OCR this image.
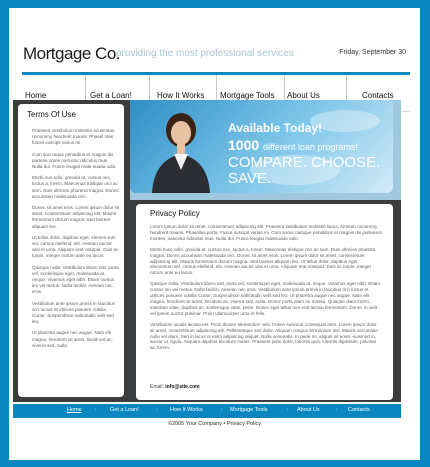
Mortgage Co.
providing the most professional services	Friday, September 30
Home	Get a Loan!	How It Works	Mortgage Tools	About Us	Contacts
Terms Of Use

Praesent vestibulum molestie acusmean nonummy hendrerit mauris. Phasel ntas fuscel suscipit varius mi.

Cum soci toque penatibus et magnis dis parturie ontes nascetur ridiculus mus. Nulla dui. Fusce feugiat male-suada odio.

Morbi nun odio, gravida at, cursus nec, luctus a, lorem. Maecenas tristique orci ac sem. Duis ultricies pharetra magna. Donec accumsan malesuada orci.

Donec sit amet eros. Lorem ipsum dolor sit amet, consectetuer adipiscing elit. Mauris fermentum dictum magna. Sed laoreet aliquam leo.

Ut tellus dolor, dapibus eget, elemen-tum vel, cursus eleifend, elit. Aenean auctor wisi et urna. Aliquam erat volutpat. Duis ac turpis. Integer rutrum ante eu lacus.

Quisque nulla. Vestibulum libero nisl, porta vel, scelerisque eget, malesuada at, neque. Vivamus eget nibh. Etiam cursus leo vel metus. Nulla facilisi. Aenean nec eros.

Vestibulum ante ipsum primis in faucibus orci luctus et ultrices posuere cubilia Curae; Suspendisse sollicitudin velit sed leo.

Ut pharetra augue nec augue. Nam elit magna, hendrerit sit amet, tincid-unt ac, viverra sed, nulla.

Available Today!
1000 different loan programs!
COMPARE. CHOOSE.
SAVE.
Privacy Policy

Lorem ipsum dolor sit amet, consectetuer adipiscing elit. Praesent vestibulum molestie lacus. Aenean nonummy hendrerit mauris. Phasellus porta. Fusce suscipit varius mi. Cum sociis natoque penatibus et magnis dis parturient montes, nascetur ridiculus mus. Nulla dui. Fusce feugiat malesuada odio.

Morbi nunc odio, gravida at, cursus nec, luctus a, lorem. Maecenas tristique orci ac sem. Duis ultricies pharetra magna. Donec accumsan malesuada orci. Donec sit amet eros. Lorem ipsum dolor sit amet, consectetuer adipiscing elit. Mauris fermentum dictum magna. Sed laoreet aliquam leo. Ut tellus dolor, dapibus eget, elementum vel, cursus eleifend, elit. Aenean auctor wisi et urna. Aliquam erat volutpat. Duis ac turpis. Integer rutrum ante eu lacus.

Quisque nulla. Vestibulum libero nisl, porta vel, scelerisque eget, malesuada at, neque. Vivamus eget nibh. Etiam cursus leo vel metus. Nulla facilisi. Aenean nec eros. Vestibulum ante ipsum primis in faucibus orci luctus et ultrices posuere cubilia Curae; Suspendisse sollicitudin velit sed leo. Ut pharetra augue nec augue. Nam elit magna, hendrerit sit amet, tincidunt ac, viverra sed, nulla. Donec porta diam eu massa. Quisque diam lorem, interdum vitae, dapibus ac, scelerisque vitae, pede. Donec eget tellus non erat lacinia fermentum. Donec in velit vel ipsum auctor pulvinar. Proin ullamcorper urna et felis.

Vestibulum iaculis lacinia est. Proin dictum elementum velit. Fusce euismod consequat ante. Lorem ipsum dolor sit amet, consectetuer adipiscing elit. Pellentesque sed dolor. Aliquam congue fermentum nisl. Mauris accumsan nulla vel diam. Sed in lacus ut enim adipiscing aliquet. Nulla venenatis. In pede mi, aliquet sit amet, euismod in, auctor ut, ligula. Aliquam dapibus tincidunt metus. Praesent justo dolor, lobortis quis, lobortis dignissim, pulvinar ac, lorem.

Email: info@site.com
Home : Get a Loan!	: How It Works	: Mortgage Tools	: About Us	: Contacts
©2005 Your Company • Privacy Policy
